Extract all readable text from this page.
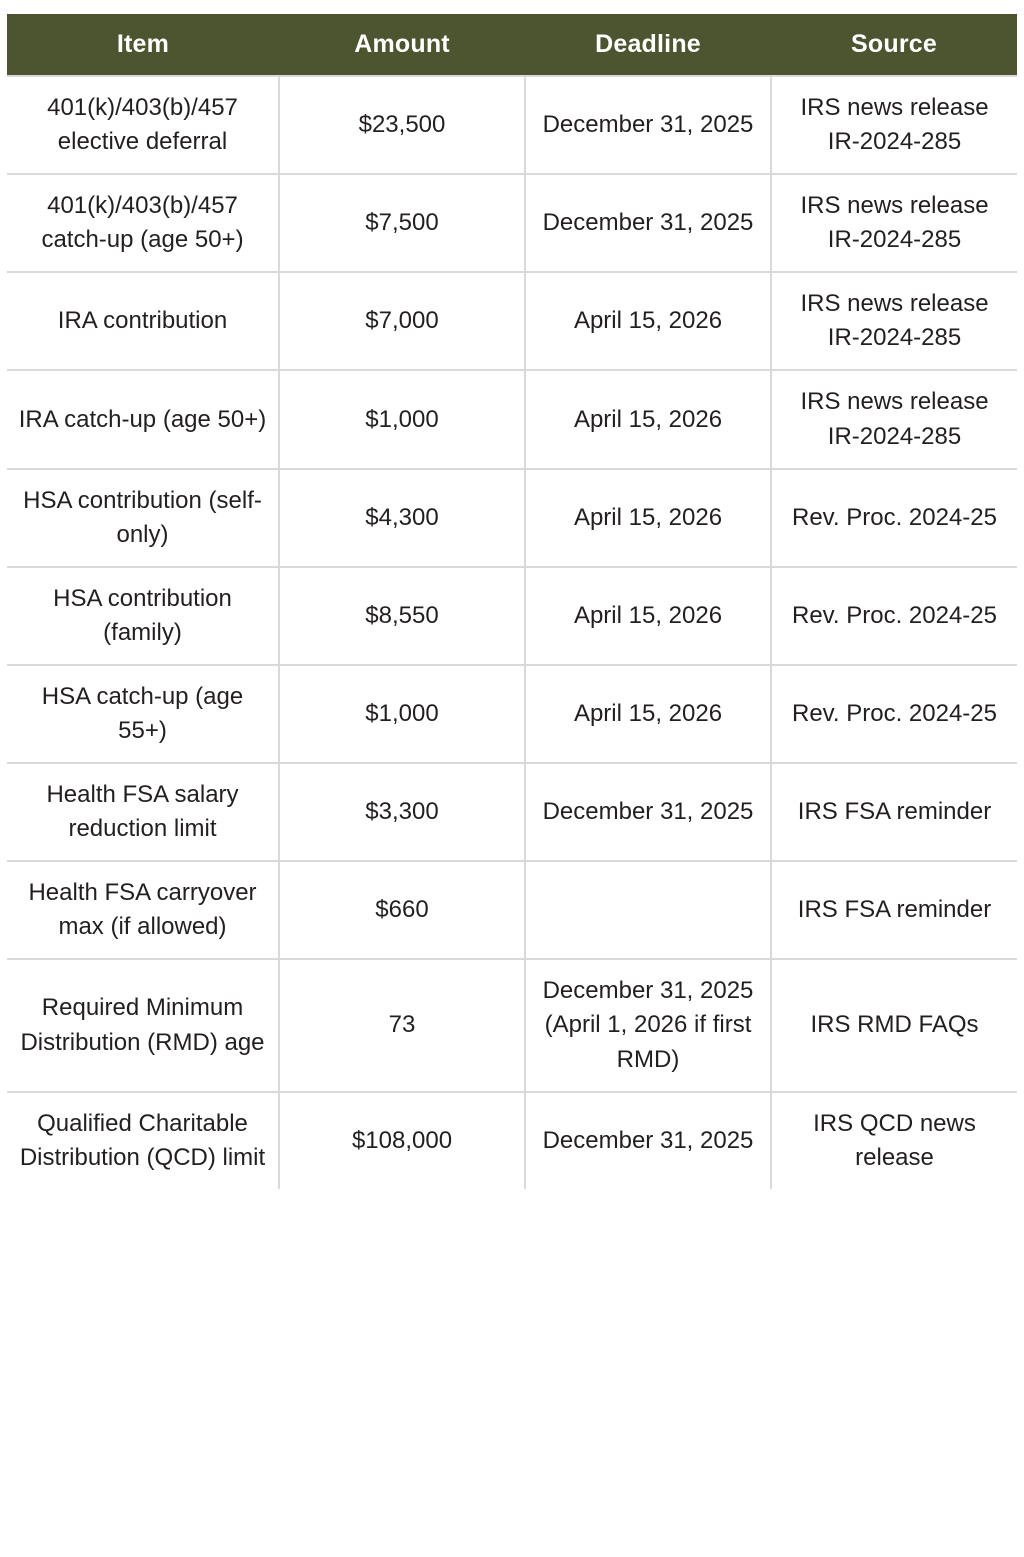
Item	Amount	Deadline	Source
401(k)/403(b)/457 elective deferral	$23,500	December 31, 2025	IRS news release IR-2024-285
401(k)/403(b)/457 catch-up (age 50+)	$7,500	December 31, 2025	IRS news release IR-2024-285
IRA contribution	$7,000	April 15, 2026	IRS news release IR-2024-285
IRA catch-up (age 50+)	$1,000	April 15, 2026	IRS news release IR-2024-285
HSA contribution (self-only)	$4,300	April 15, 2026	Rev. Proc. 2024-25
HSA contribution (family)	$8,550	April 15, 2026	Rev. Proc. 2024-25
HSA catch-up (age 55+)	$1,000	April 15, 2026	Rev. Proc. 2024-25
Health FSA salary reduction limit	$3,300	December 31, 2025	IRS FSA reminder
Health FSA carryover max (if allowed)	$660		IRS FSA reminder
Required Minimum Distribution (RMD) age	73	December 31, 2025 (April 1, 2026 if first RMD)	IRS RMD FAQs
Qualified Charitable Distribution (QCD) limit	$108,000	December 31, 2025	IRS QCD news release
